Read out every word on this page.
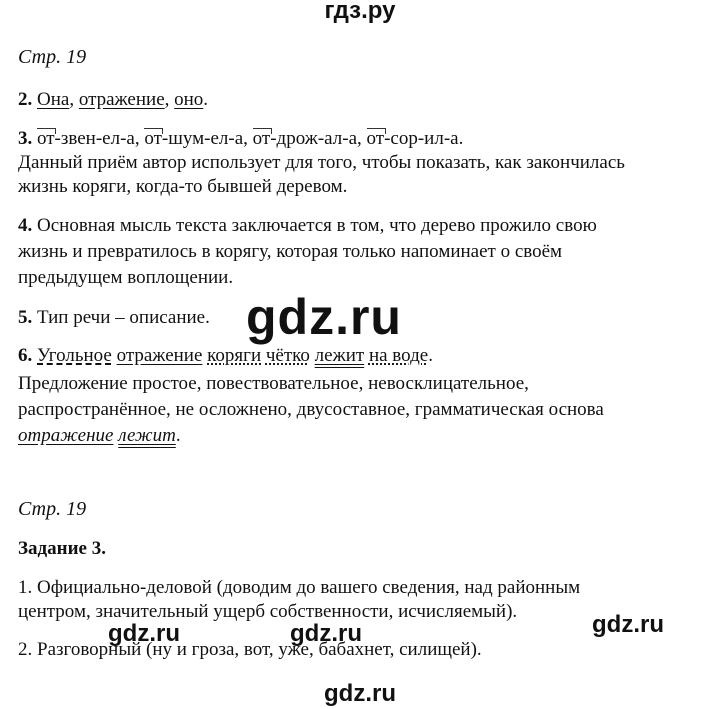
гдз.ру
Стр. 19
2. Она, отражение, оно.
3. от-звен-ел-а,
от-шум-ел-а,
от-дрож-ал-а,
от-сор-ил-а.
Данный приём автор использует для того, чтобы показать, как закончилась
жизнь коряги, когда-то бывшей деревом.
4. Основная мысль текста заключается в том, что дерево прожило свою
жизнь и превратилось в корягу, которая только напоминает о своём
предыдущем воплощении.
5. Тип речи – описание.
6. Угольное отражение коряги чётко лежит на воде.
Предложение простое, повествовательное, невосклицательное,
распространённое, не осложнено, двусоставное, грамматическая основа
отражение лежит.
gdz.ru
Стр. 19
Задание 3.
1. Официально-деловой (доводим до вашего сведения, над районным
центром, значительный ущерб собственности, исчисляемый).
gdz.ru	gdz.ru	gdz.ru
2. Разговорный (ну и гроза, вот, уже, бабахнет, силищей).
gdz.ru
